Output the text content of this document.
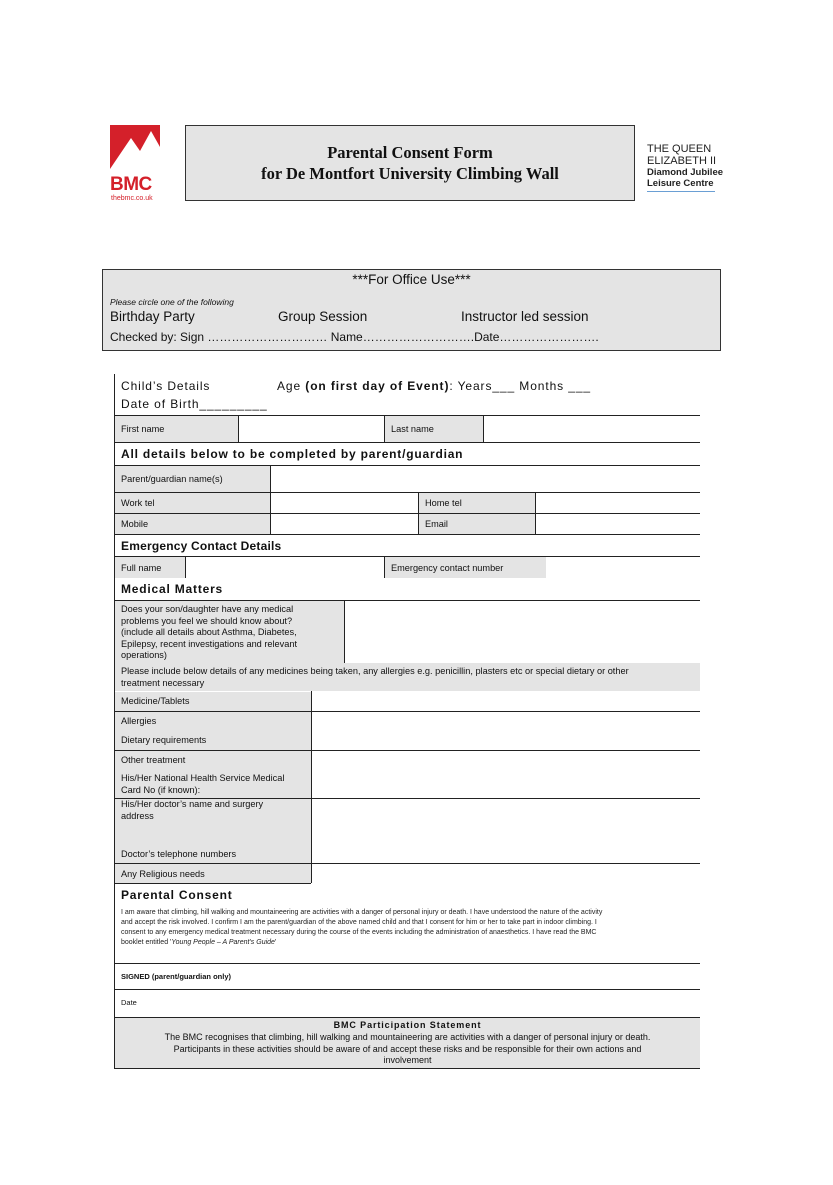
BMC
thebmc.co.uk
Parental Consent Form
for De Montfort University Climbing Wall
THE QUEEN
ELIZABETH II
Diamond Jubilee
Leisure Centre
***For Office Use***
Please circle one of the following
Birthday Party	Group Session	Instructor led session
Checked by: Sign ………………………… Name……………………….Date…………………….
Child’s Details	Age (on first day of Event): Years___ Months ___
Date of Birth_________
First name	Last name
All details below to be completed by parent/guardian
Parent/guardian name(s)
Work tel	Home tel
Mobile	Email
Emergency Contact Details
Full name	Emergency contact number
Medical Matters
Does your son/daughter have any medical
problems you feel we should know about?
(include all details about Asthma, Diabetes,
Epilepsy, recent investigations and relevant
operations)
Please include below details of any medicines being taken, any allergies e.g. penicillin, plasters etc or special dietary or other
treatment necessary
Medicine/Tablets
Allergies
Dietary requirements
Other treatment
His/Her National Health Service Medical
Card No (if known):
His/Her doctor’s name and surgery
address
Doctor’s telephone numbers
Any Religious needs
Parental Consent
I am aware that climbing, hill walking and mountaineering are activities with a danger of personal injury or death. I have understood the nature of the activity
and accept the risk involved. I confirm I am the parent/guardian of the above named child and that I consent for him or her to take part in indoor climbing. I
consent to any emergency medical treatment necessary during the course of the events including the administration of anaesthetics. I have read the BMC
booklet entitled 'Young People – A Parent's Guide'
SIGNED (parent/guardian only)
Date
BMC Participation Statement
The BMC recognises that climbing, hill walking and mountaineering are activities with a danger of personal injury or death.
Participants in these activities should be aware of and accept these risks and be responsible for their own actions and
involvement
